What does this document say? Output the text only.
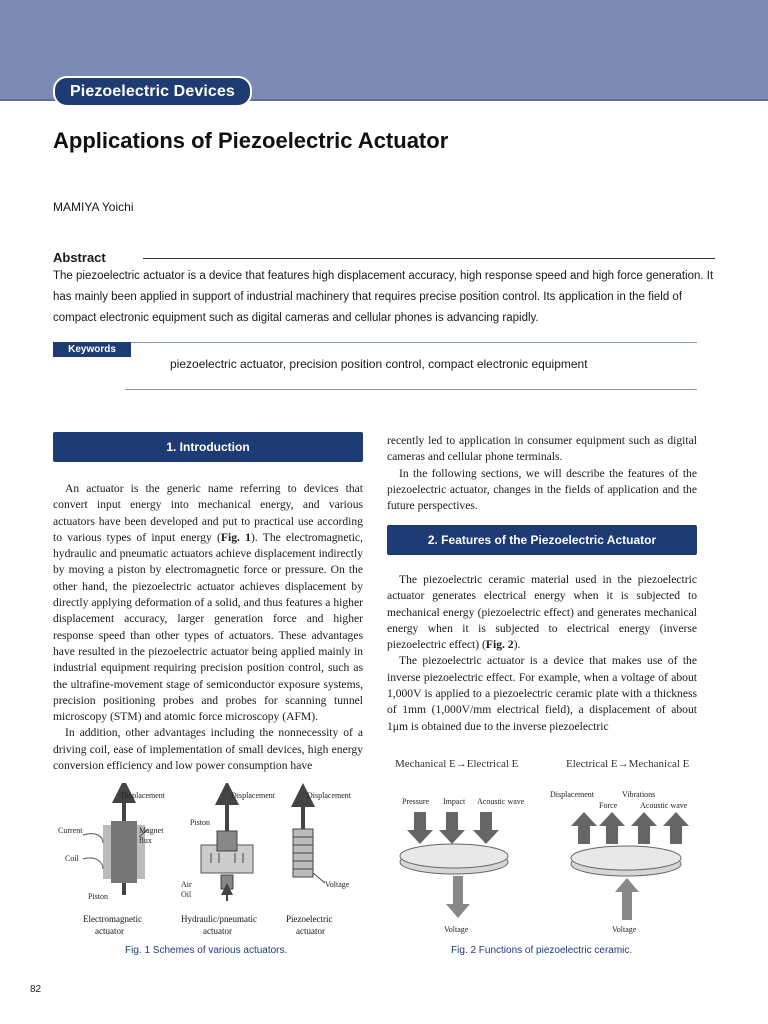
Piezoelectric Devices
Applications of Piezoelectric Actuator
MAMIYA Yoichi
Abstract

The piezoelectric actuator is a device that features high displacement accuracy, high response speed and high force generation. It has mainly been applied in support of industrial machinery that requires precise position control. Its application in the field of compact electronic equipment such as digital cameras and cellular phones is advancing rapidly.

Keywords
piezoelectric actuator, precision position control, compact electronic equipment
1. Introduction

An actuator is the generic name referring to devices that convert input energy into mechanical energy, and various actuators have been developed and put to practical use according to various types of input energy (Fig. 1). The electromagnetic, hydraulic and pneumatic actuators achieve displacement indirectly by moving a piston by electromagnetic force or pressure. On the other hand, the piezoelectric actuator achieves displacement by directly applying deformation of a solid, and thus features a higher displacement accuracy, larger generation force and higher response speed than other types of actuators. These advantages have resulted in the piezoelectric actuator being applied mainly in industrial equipment requiring precision position control, such as the ultrafine-movement stage of semiconductor exposure systems, precision positioning probes and probes for scanning tunnel microscopy (STM) and atomic force microscopy (AFM).

In addition, other advantages including the nonnecessity of a driving coil, ease of implementation of small devices, high energy conversion efficiency and low power consumption have

recently led to application in consumer equipment such as digital cameras and cellular phone terminals.

In the following sections, we will describe the features of the piezoelectric actuator, changes in the fields of application and the future perspectives.

2. Features of the Piezoelectric Actuator

The piezoelectric ceramic material used in the piezoelectric actuator generates electrical energy when it is subjected to mechanical energy (piezoelectric effect) and generates mechanical energy when it is subjected to electrical energy (inverse piezoelectric effect) (Fig. 2).

The piezoelectric actuator is a device that makes use of the inverse piezoelectric effect. For example, when a voltage of about 1,000V is applied to a piezoelectric ceramic plate with a thickness of 1mm (1,000V/mm electrical field), a displacement of about 1μm is obtained due to the inverse piezoelectric

Displacement
Current	Magnet
flux
Coil
Piston
Displacement
Piston
Air
Oil
Displacement
Voltage
Electromagnetic
actuator
Hydraulic/pneumatic
actuator
Piezoelectric
actuator
Fig. 1 Schemes of various actuators.
Mechanical E→Electrical E	Electrical E→Mechanical E
Pressure Impact Acoustic wave
Voltage
Displacement	Vibrations
Force	Acoustic wave
Voltage
Fig. 2 Functions of piezoelectric ceramic.
82
